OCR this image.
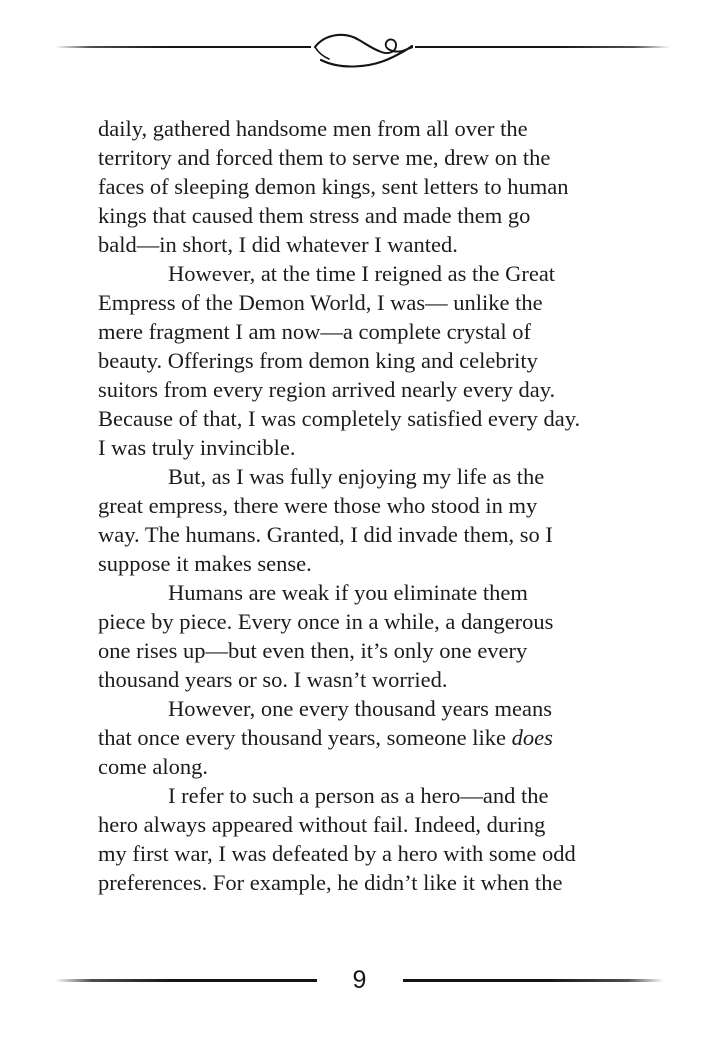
daily, gathered handsome men from all over the
territory and forced them to serve me, drew on the
faces of sleeping demon kings, sent letters to human
kings that caused them stress and made them go
bald—in short, I did whatever I wanted.
However, at the time I reigned as the Great
Empress of the Demon World, I was— unlike the
mere fragment I am now—a complete crystal of
beauty. Offerings from demon king and celebrity
suitors from every region arrived nearly every day.
Because of that, I was completely satisfied every day.
I was truly invincible.
But, as I was fully enjoying my life as the
great empress, there were those who stood in my
way. The humans. Granted, I did invade them, so I
suppose it makes sense.
Humans are weak if you eliminate them
piece by piece. Every once in a while, a dangerous
one rises up—but even then, it’s only one every
thousand years or so. I wasn’t worried.
However, one every thousand years means
that once every thousand years, someone like does
come along.
I refer to such a person as a hero—and the
hero always appeared without fail. Indeed, during
my first war, I was defeated by a hero with some odd
preferences. For example, he didn’t like it when the
9
